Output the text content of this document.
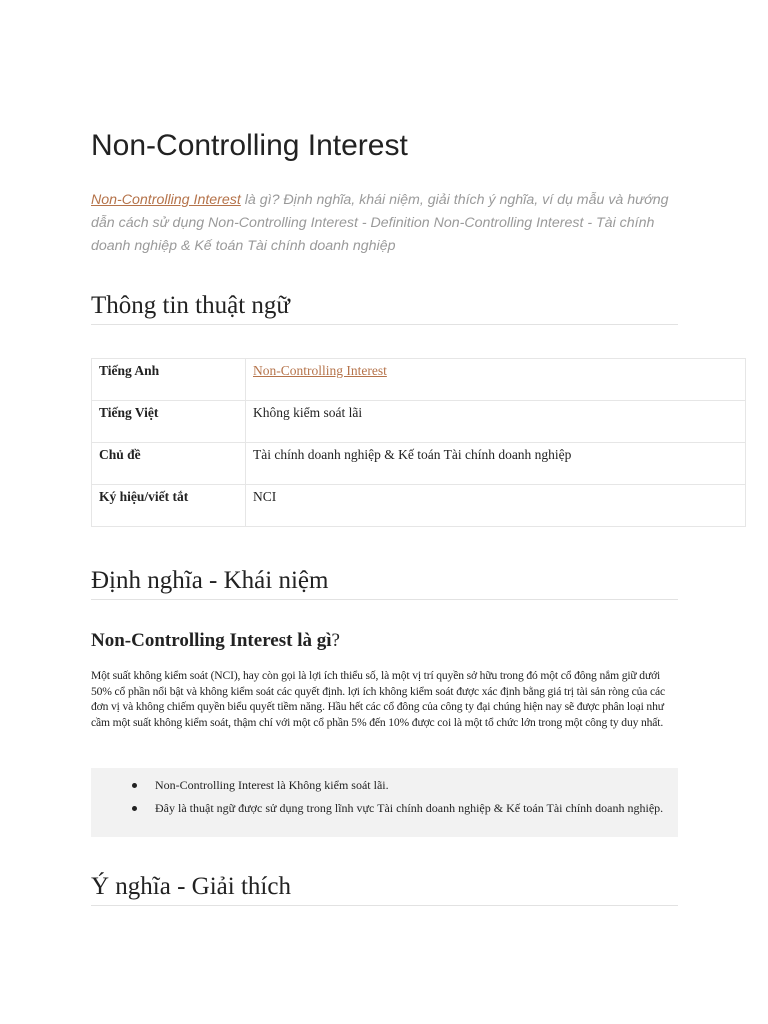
Non-Controlling Interest

Non-Controlling Interest là gì? Định nghĩa, khái niệm, giải thích ý nghĩa, ví dụ mẫu và hướng dẫn cách sử dụng Non-Controlling Interest - Definition Non-Controlling Interest - Tài chính doanh nghiệp & Kế toán Tài chính doanh nghiệp

Thông tin thuật ngữ
Tiếng Anh	Non-Controlling Interest
Tiếng Việt	Không kiểm soát lãi
Chủ đề	Tài chính doanh nghiệp & Kế toán Tài chính doanh nghiệp
Ký hiệu/viết tắt	NCI
Định nghĩa - Khái niệm
Non-Controlling Interest là gì?

Một suất không kiểm soát (NCI), hay còn gọi là lợi ích thiểu số, là một vị trí quyền sở hữu trong đó một cổ đông nắm giữ dưới 50% cổ phần nổi bật và không kiểm soát các quyết định. lợi ích không kiểm soát được xác định bằng giá trị tài sản ròng của các đơn vị và không chiếm quyền biểu quyết tiềm năng. Hầu hết các cổ đông của công ty đại chúng hiện nay sẽ được phân loại như cầm một suất không kiểm soát, thậm chí với một cổ phần 5% đến 10% được coi là một tổ chức lớn trong một công ty duy nhất.

Non-Controlling Interest là Không kiểm soát lãi.
Đây là thuật ngữ được sử dụng trong lĩnh vực Tài chính doanh nghiệp & Kế toán Tài chính doanh nghiệp.
Ý nghĩa - Giải thích
